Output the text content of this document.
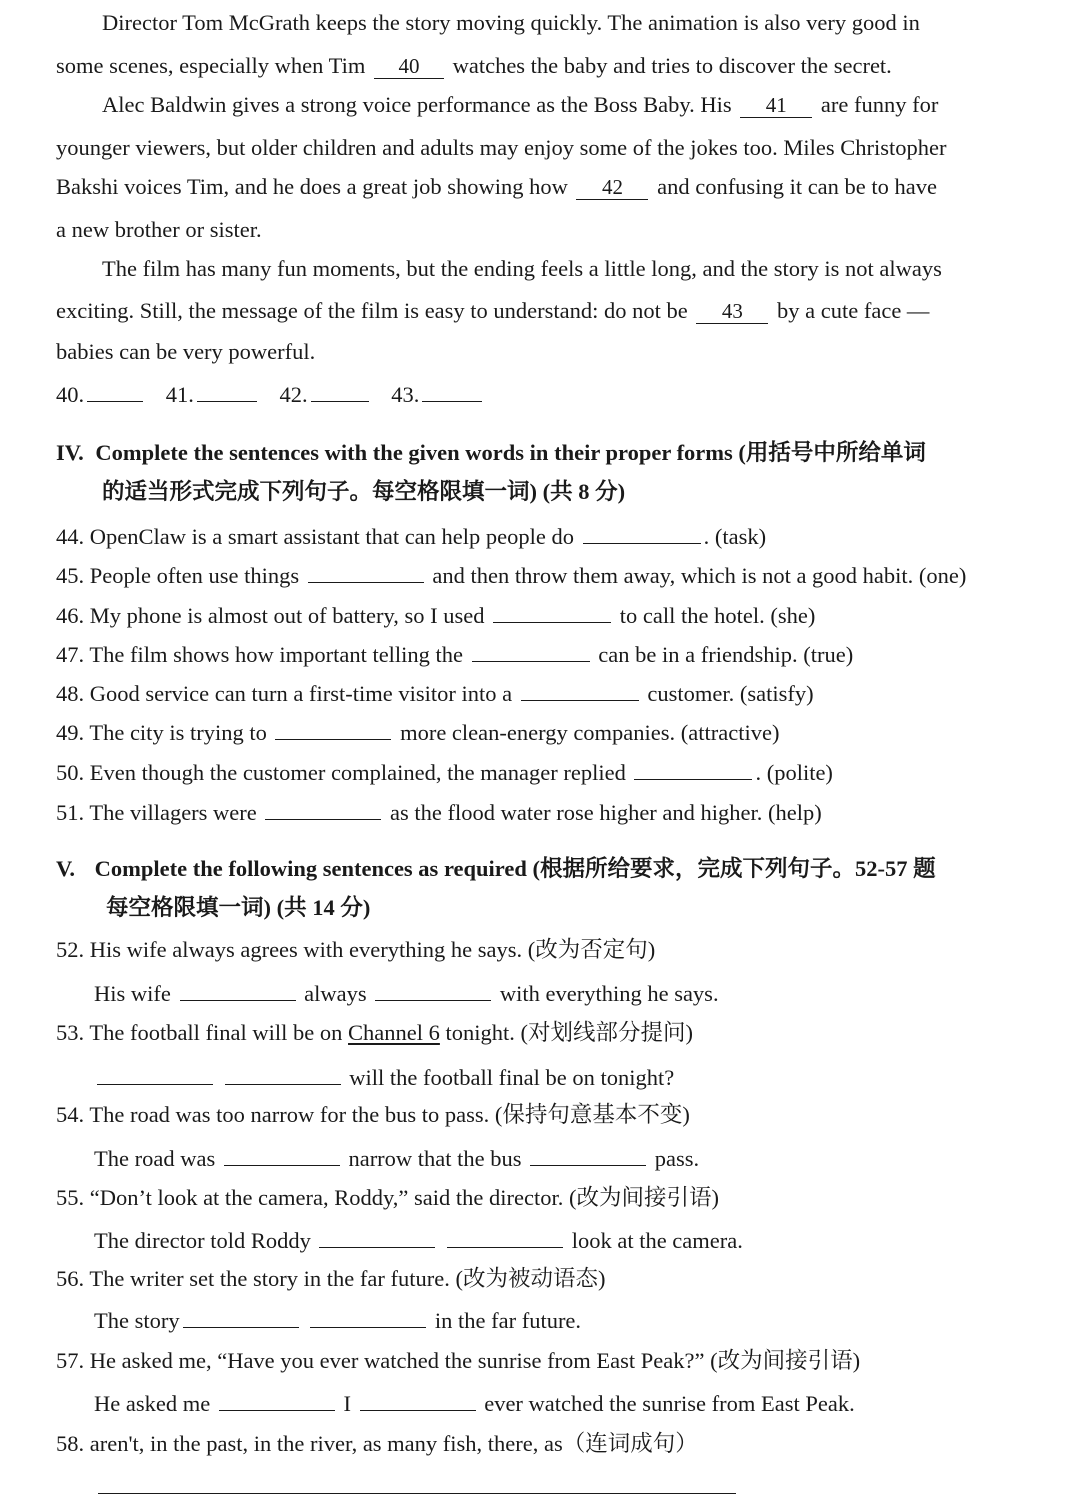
Director Tom McGrath keeps the story moving quickly. The animation is also very good in
some scenes, especially when Tim 40 watches the baby and tries to discover the secret.
Alec Baldwin gives a strong voice performance as the Boss Baby. His 41 are funny for
younger viewers, but older children and adults may enjoy some of the jokes too. Miles Christopher
Bakshi voices Tim, and he does a great job showing how 42 and confusing it can be to have
a new brother or sister.
The film has many fun moments, but the ending feels a little long, and the story is not always
exciting. Still, the message of the film is easy to understand: do not be 43 by a cute face —
babies can be very powerful.
40.	41.	42.	43.
IV. Complete the sentences with the given words in their proper forms (用括号中所给单词
的适当形式完成下列句子。每空格限填一词) (共 8 分)
44. OpenClaw is a smart assistant that can help people do	. (task)
45. People often use things	and then throw them away, which is not a good habit. (one)
46. My phone is almost out of battery, so I used	to call the hotel. (she)
47. The film shows how important telling the	can be in a friendship. (true)
48. Good service can turn a first-time visitor into a	customer. (satisfy)
49. The city is trying to	more clean-energy companies. (attractive)
50. Even though the customer complained, the manager replied	. (polite)
51. The villagers were	as the flood water rose higher and higher. (help)
V. Complete the following sentences as required (根据所给要求，完成下列句子。52-57 题
每空格限填一词) (共 14 分)
52. His wife always agrees with everything he says. (改为否定句)
His wife	always	with everything he says.
53. The football final will be on Channel 6 tonight. (对划线部分提问)
will the football final be on tonight?
54. The road was too narrow for the bus to pass. (保持句意基本不变)
The road was	narrow that the bus	pass.
55. “Don’t look at the camera, Roddy,” said the director. (改为间接引语)
The director told Roddy	look at the camera.
56. The writer set the story in the far future. (改为被动语态)
The story	in the far future.
57. He asked me, “Have you ever watched the sunrise from East Peak?” (改为间接引语)
He asked me	I	ever watched the sunrise from East Peak.
58. aren't, in the past, in the river, as many fish, there, as（连词成句）
